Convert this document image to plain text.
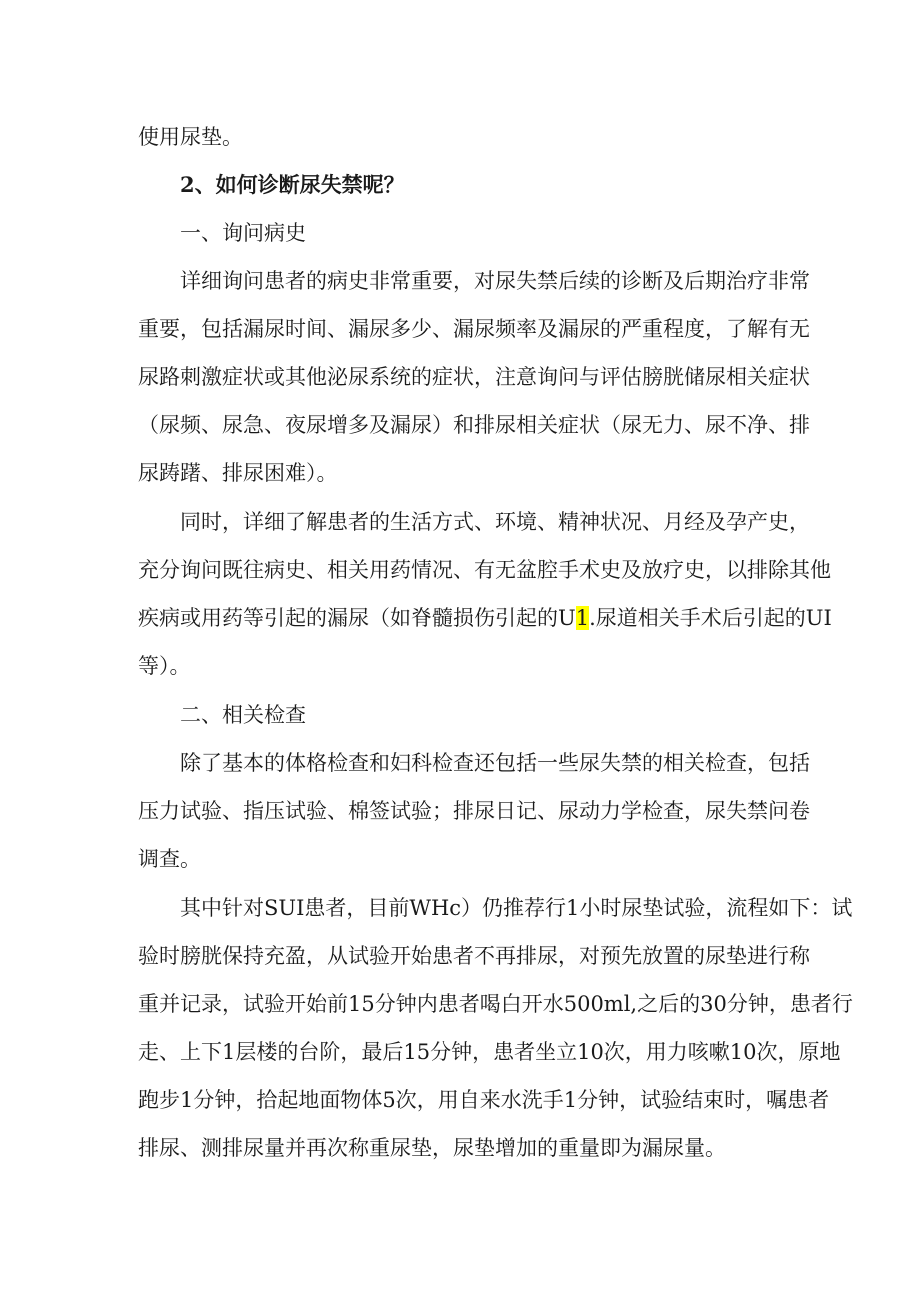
使用尿垫。
2、如何诊断尿失禁呢？
一、询问病史
详细询问患者的病史非常重要，对尿失禁后续的诊断及后期治疗非常
重要，包括漏尿时间、漏尿多少、漏尿频率及漏尿的严重程度，了解有无
尿路刺激症状或其他泌尿系统的症状，注意询问与评估膀胱储尿相关症状
（尿频、尿急、夜尿增多及漏尿）和排尿相关症状（尿无力、尿不净、排
尿踌躇、排尿困难）。
同时，详细了解患者的生活方式、环境、精神状况、月经及孕产史，
充分询问既往病史、相关用药情况、有无盆腔手术史及放疗史，以排除其他
疾病或用药等引起的漏尿（如脊髓损伤引起的U1.尿道相关手术后引起的UI
等）。
二、相关检查
除了基本的体格检查和妇科检查还包括一些尿失禁的相关检查，包括
压力试验、指压试验、棉签试验；排尿日记、尿动力学检查，尿失禁问卷
调查。
其中针对SUI患者，目前WHc）仍推荐行1小时尿垫试验，流程如下：试
验时膀胱保持充盈，从试验开始患者不再排尿，对预先放置的尿垫进行称
重并记录，试验开始前15分钟内患者喝白开水500ml,之后的30分钟，患者行
走、上下1层楼的台阶，最后15分钟，患者坐立10次，用力咳嗽10次，原地
跑步1分钟，拾起地面物体5次，用自来水洗手1分钟，试验结束时，嘱患者
排尿、测排尿量并再次称重尿垫，尿垫增加的重量即为漏尿量。
